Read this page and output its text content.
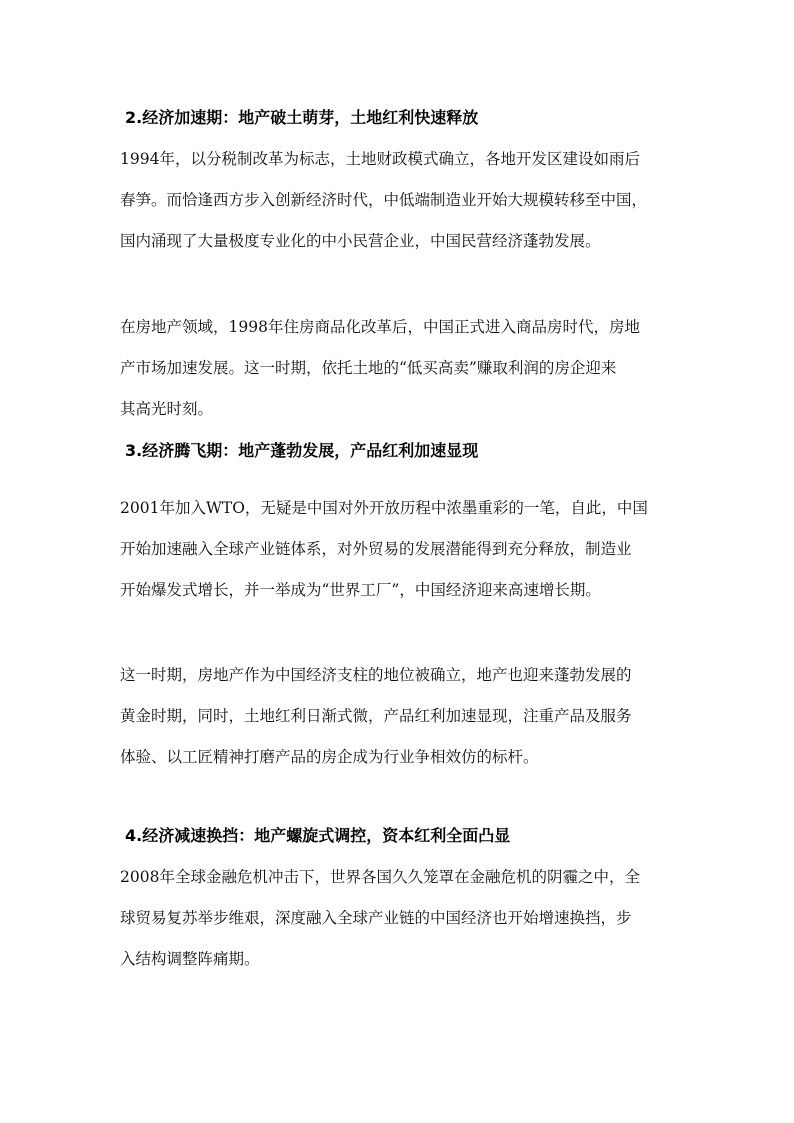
2.经济加速期：地产破土萌芽，土地红利快速释放
1994年，以分税制改革为标志，土地财政模式确立，各地开发区建设如雨后
春笋。而恰逢西方步入创新经济时代，中低端制造业开始大规模转移至中国，
国内涌现了大量极度专业化的中小民营企业，中国民营经济蓬勃发展。
在房地产领域，1998年住房商品化改革后，中国正式进入商品房时代，房地
产市场加速发展。这一时期，依托土地的“低买高卖”赚取利润的房企迎来
其高光时刻。
3.经济腾飞期：地产蓬勃发展，产品红利加速显现
2001年加入WTO，无疑是中国对外开放历程中浓墨重彩的一笔，自此，中国
开始加速融入全球产业链体系，对外贸易的发展潜能得到充分释放，制造业
开始爆发式增长，并一举成为“世界工厂”，中国经济迎来高速增长期。
这一时期，房地产作为中国经济支柱的地位被确立，地产也迎来蓬勃发展的
黄金时期，同时，土地红利日渐式微，产品红利加速显现，注重产品及服务
体验、以工匠精神打磨产品的房企成为行业争相效仿的标杆。
4.经济减速换挡：地产螺旋式调控，资本红利全面凸显
2008年全球金融危机冲击下，世界各国久久笼罩在金融危机的阴霾之中，全
球贸易复苏举步维艰，深度融入全球产业链的中国经济也开始增速换挡，步
入结构调整阵痛期。
